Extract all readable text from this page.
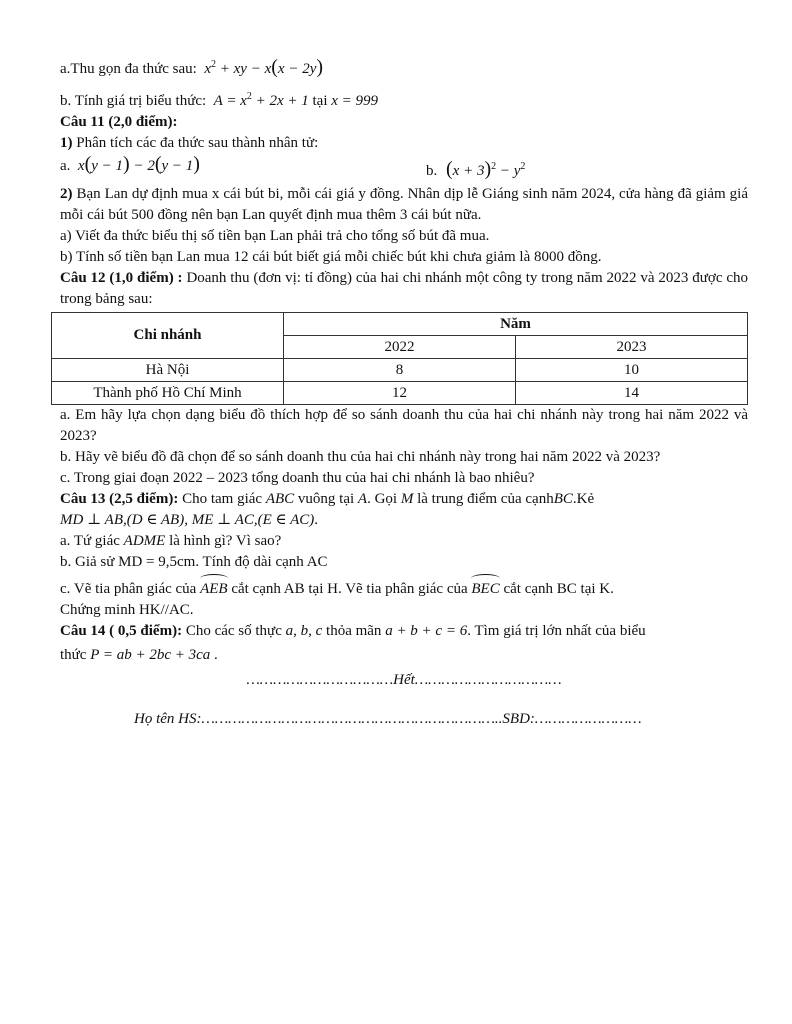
a.Thu gọn đa thức sau:  $x^2$ + xy − x(x − 2y)

b. Tính giá trị biểu thức:  $A = x^2 + 2x + 1$ tại x = 999

Câu 11 (2,0 điểm):

1) Phân tích các đa thức sau thành nhân tử:

a.  x(y − 1) − 2(y − 1)	b.  $(x + 3)^2 - y^2$

2) Bạn Lan dự định mua x cái bút bi, mỗi cái giá y đồng. Nhân dịp lễ Giáng sinh năm 2024, cửa hàng đã giảm giá mỗi cái bút 500 đồng nên bạn Lan quyết định mua thêm 3 cái bút nữa.

a) Viết đa thức biểu thị số tiền bạn Lan phải trả cho tổng số bút đã mua.

b) Tính số tiền bạn Lan mua 12 cái bút biết giá mỗi chiếc bút khi chưa giảm là 8000 đồng.

Câu 12 (1,0 điểm) : Doanh thu (đơn vị: tỉ đồng) của hai chi nhánh một công ty trong năm 2022 và 2023 được cho trong bảng sau:

Chi nhánh	Năm	
	2022	2023
Hà Nội	8	10
Thành phố Hồ Chí Minh	12	14

a. Em hãy lựa chọn dạng biểu đồ thích hợp để so sánh doanh thu của hai chi nhánh này trong hai năm 2022 và 2023?

b. Hãy vẽ biểu đồ đã chọn để so sánh doanh thu của hai chi nhánh này trong hai năm 2022 và 2023?

c. Trong giai đoạn 2022 – 2023 tổng doanh thu của hai chi nhánh là bao nhiêu?

Câu 13 (2,5 điểm): Cho tam giác ABC vuông tại A. Gọi M là trung điểm của cạnhBC.Kẻ

MD ⊥ AB,(D ∈ AB), ME ⊥ AC,(E ∈ AC).

a. Tứ giác ADME là hình gì? Vì sao?

b. Giả sử MD = 9,5cm. Tính độ dài cạnh AC

c. Vẽ tia phân giác của AEB cắt cạnh AB tại H. Vẽ tia phân giác của BEC cắt cạnh BC tại K.

Chứng minh HK//AC.

Câu 14 ( 0,5 điểm): Cho các số thực a, b, c thỏa mãn a + b + c = 6. Tìm giá trị lớn nhất của biểu

thức P = ab + 2bc + 3ca .

……………………………Hết……………………………

Họ tên HS:…………………………………………………………..SBD:……………………
